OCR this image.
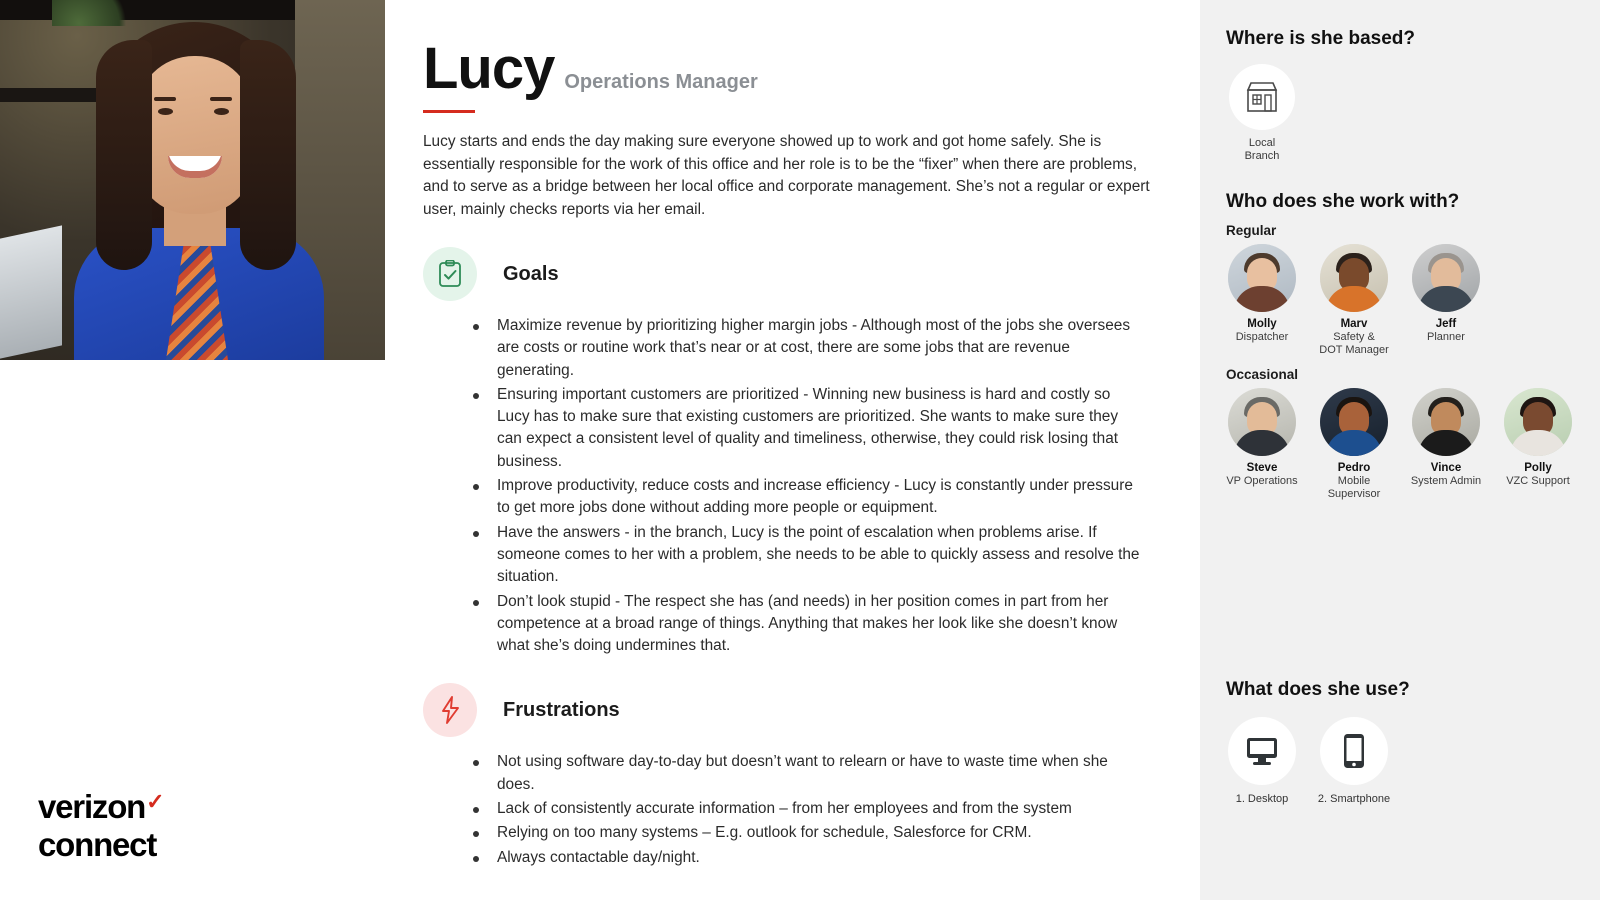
verizon✓
connect
Lucy Operations Manager
Lucy starts and ends the day making sure everyone showed up to work and got home safely. She is essentially responsible for the work of this office and her role is to be the “fixer” when there are problems, and to serve as a bridge between her local office and corporate management. She’s not a regular or expert user, mainly checks reports via her email.
Goals
Maximize revenue by prioritizing higher margin jobs - Although most of the jobs she oversees are costs or routine work that’s near or at cost, there are some jobs that are revenue generating.
Ensuring important customers are prioritized - Winning new business is hard and costly so Lucy has to make sure that existing customers are prioritized. She wants to make sure they can expect a consistent level of quality and timeliness, otherwise, they could risk losing that business.
Improve productivity, reduce costs and increase efficiency - Lucy is constantly under pressure to get more jobs done without adding more people or equipment.
Have the answers - in the branch, Lucy is the point of escalation when problems arise. If someone comes to her with a problem, she needs to be able to quickly assess and resolve the situation.
Don’t look stupid - The respect she has (and needs) in her position comes in part from her competence at a broad range of things. Anything that makes her look like she doesn’t know what she’s doing undermines that.
Frustrations
Not using software day-to-day but doesn’t want to relearn or have to waste time when she does.
Lack of consistently accurate information – from her employees and from the system
Relying on too many systems – E.g. outlook for schedule, Salesforce for CRM.
Always contactable day/night.
Where is she based?
Local
Branch
Who does she work with?
Regular
Molly
Dispatcher
Marv
Safety &
DOT Manager
Jeff
Planner
Occasional
Steve
VP Operations
Pedro
Mobile
Supervisor
Vince
System Admin
Polly
VZC Support
What does she use?
1. Desktop	2. Smartphone
